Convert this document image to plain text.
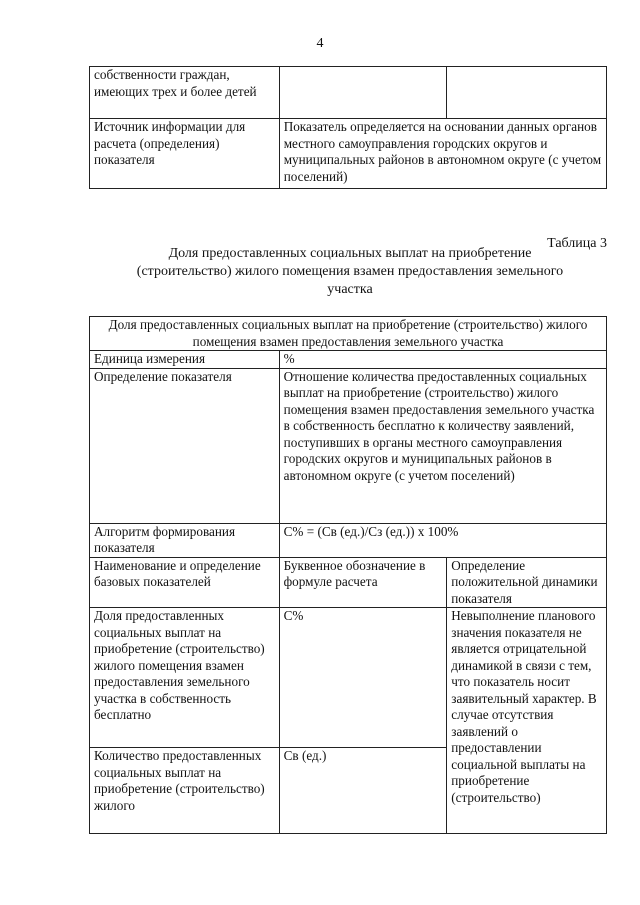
4
собственности граждан, имеющих трех и более детей		
Источник информации для расчета (определения) показателя	Показатель определяется на основании данных органов местного самоуправления городских округов и муниципальных районов в автономном округе (с учетом поселений)	
Таблица 3
Доля предоставленных социальных выплат на приобретение (строительство) жилого помещения взамен предоставления земельного участка
Доля предоставленных социальных выплат на приобретение (строительство) жилого помещения взамен предоставления земельного участка		
Единица измерения	%	
Определение показателя	Отношение количества предоставленных социальных выплат на приобретение (строительство) жилого помещения взамен предоставления земельного участка в собственность бесплатно к количеству заявлений, поступивших в органы местного самоуправления городских округов и муниципальных районов в автономном округе (с учетом поселений)	
Алгоритм формирования показателя	С% = (Св (ед.)/Сз (ед.)) х 100%	
Наименование и определение базовых показателей	Буквенное обозначение в формуле расчета	Определение положительной динамики показателя
Доля предоставленных социальных выплат на приобретение (строительство) жилого помещения взамен предоставления земельного участка в собственность бесплатно	С%	Невыполнение планового значения показателя не является отрицательной динамикой в связи с тем, что показатель носит заявительный характер. В случае отсутствия заявлений о предоставлении социальной выплаты на приобретение (строительство)
Количество предоставленных социальных выплат на приобретение (строительство) жилого	Св (ед.)	
